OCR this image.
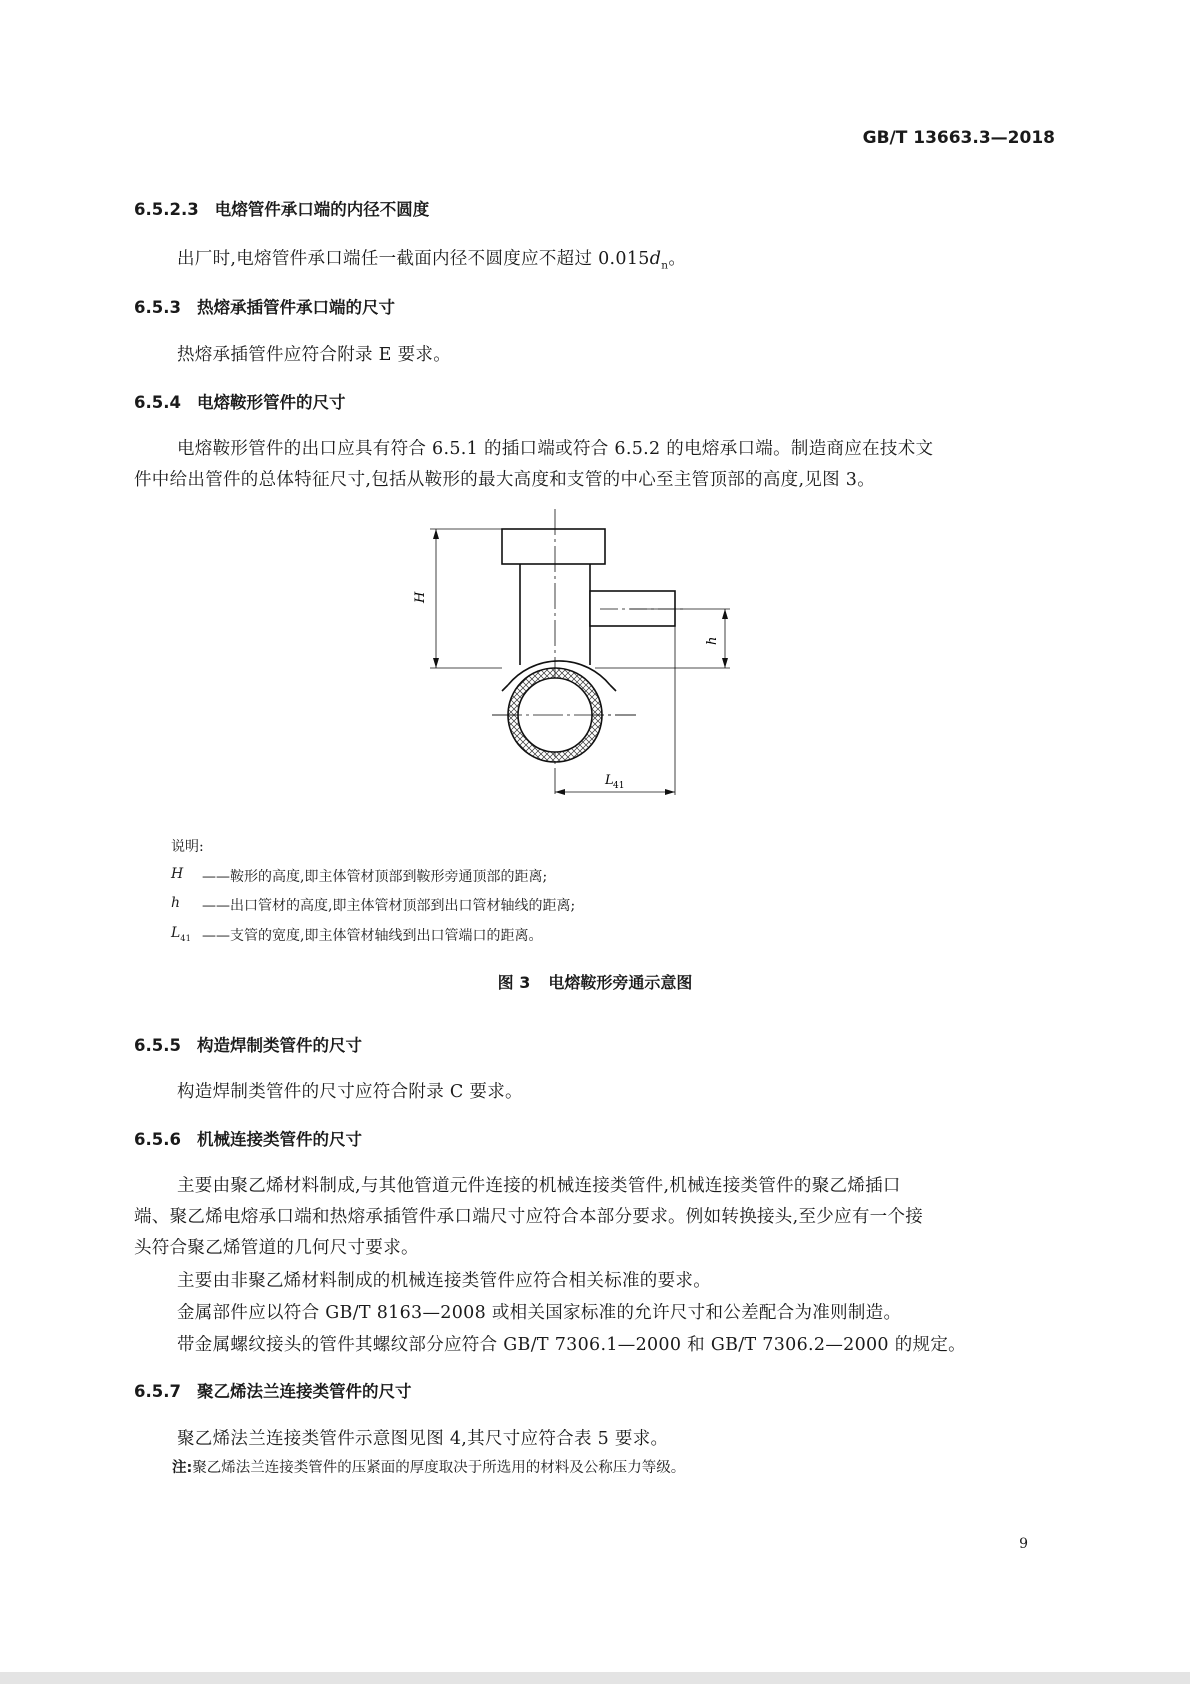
GB/T 13663.3—2018
6.5.2.3 电熔管件承口端的内径不圆度
出厂时,电熔管件承口端任一截面内径不圆度应不超过 $0.015d_n$。
6.5.3 热熔承插管件承口端的尺寸
热熔承插管件应符合附录 E 要求。
6.5.4 电熔鞍形管件的尺寸
电熔鞍形管件的出口应具有符合 6.5.1 的插口端或符合 6.5.2 的电熔承口端。制造商应在技术文
件中给出管件的总体特征尺寸,包括从鞍形的最大高度和支管的中心至主管顶部的高度,见图 3。
H
h
L 41
说明:
H ——鞍形的高度,即主体管材顶部到鞍形旁通顶部的距离;
h ——出口管材的高度,即主体管材顶部到出口管材轴线的距离;
$L_{41}$ ——支管的宽度,即主体管材轴线到出口管端口的距离。
图 3 电熔鞍形旁通示意图
6.5.5 构造焊制类管件的尺寸
构造焊制类管件的尺寸应符合附录 C 要求。
6.5.6 机械连接类管件的尺寸
主要由聚乙烯材料制成,与其他管道元件连接的机械连接类管件,机械连接类管件的聚乙烯插口
端、聚乙烯电熔承口端和热熔承插管件承口端尺寸应符合本部分要求。例如转换接头,至少应有一个接
头符合聚乙烯管道的几何尺寸要求。
主要由非聚乙烯材料制成的机械连接类管件应符合相关标准的要求。
金属部件应以符合 GB/T 8163—2008 或相关国家标准的允许尺寸和公差配合为准则制造。
带金属螺纹接头的管件其螺纹部分应符合 GB/T 7306.1—2000 和 GB/T 7306.2—2000 的规定。
6.5.7 聚乙烯法兰连接类管件的尺寸
聚乙烯法兰连接类管件示意图见图 4,其尺寸应符合表 5 要求。
注:聚乙烯法兰连接类管件的压紧面的厚度取决于所选用的材料及公称压力等级。
9
